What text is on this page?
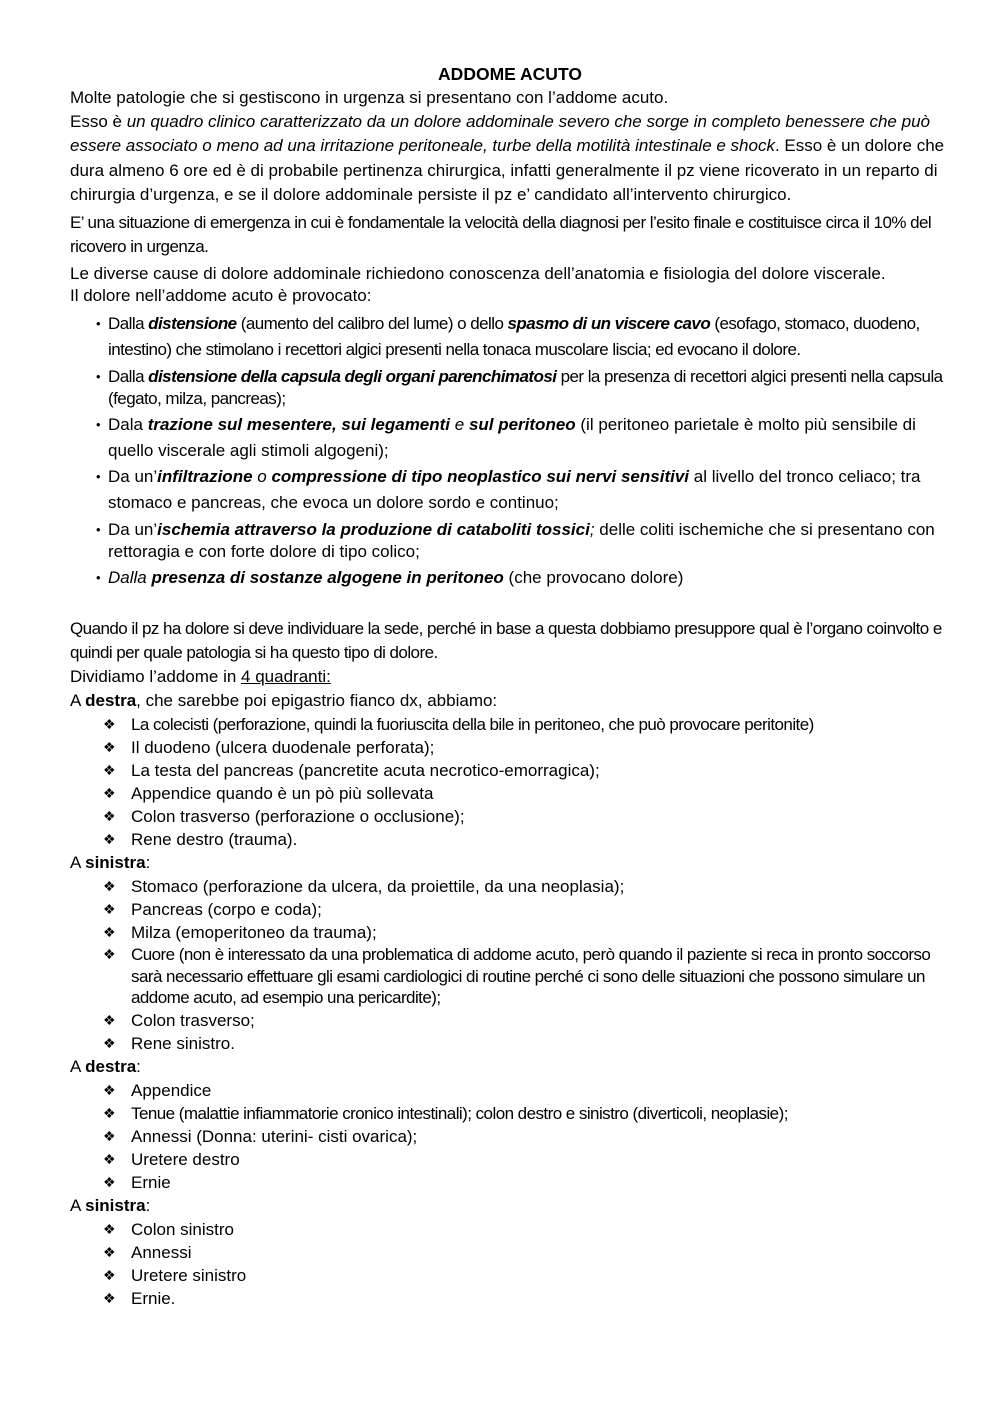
ADDOME ACUTO

Molte patologie che si gestiscono in urgenza si presentano con l’addome acuto.

Esso è un quadro clinico caratterizzato da un dolore addominale severo che sorge in completo benessere che può essere associato o meno ad una irritazione peritoneale, turbe della motilità intestinale e shock. Esso è un dolore che dura almeno 6 ore ed è di probabile pertinenza chirurgica, infatti generalmente il pz viene ricoverato in un reparto di chirurgia d’urgenza, e se il dolore addominale persiste il pz e’ candidato all’intervento chirurgico.

E’ una situazione di emergenza in cui è fondamentale la velocità della diagnosi per l’esito finale e costituisce circa il 10% del ricovero in urgenza.

Le diverse cause di dolore addominale richiedono conoscenza dell’anatomia e fisiologia del dolore viscerale.

Il dolore nell’addome acuto è provocato:

• Dalla distensione (aumento del calibro del lume) o dello spasmo di un viscere cavo (esofago, stomaco, duodeno, intestino) che stimolano i recettori algici presenti nella tonaca muscolare liscia; ed evocano il dolore.
• Dalla distensione della capsula degli organi parenchimatosi per la presenza di recettori algici presenti nella capsula (fegato, milza, pancreas);
• Dala trazione sul mesentere, sui legamenti e sul peritoneo (il peritoneo parietale è molto più sensibile di quello viscerale agli stimoli algogeni);
• Da un’infiltrazione o compressione di tipo neoplastico sui nervi sensitivi al livello del tronco celiaco; tra stomaco e pancreas, che evoca un dolore sordo e continuo;
• Da un’ischemia attraverso la produzione di cataboliti tossici; delle coliti ischemiche che si presentano con rettoragia e con forte dolore di tipo colico;
• Dalla presenza di sostanze algogene in peritoneo (che provocano dolore)

Quando il pz ha dolore si deve individuare la sede, perché in base a questa dobbiamo presuppore qual è l’organo coinvolto e quindi per quale patologia si ha questo tipo di dolore.

Dividiamo l’addome in 4 quadranti:

A destra, che sarebbe poi epigastrio fianco dx, abbiamo:

❖ La colecisti (perforazione, quindi la fuoriuscita della bile in peritoneo, che può provocare peritonite)
❖ Il duodeno (ulcera duodenale perforata);
❖ La testa del pancreas (pancretite acuta necrotico-emorragica);
❖ Appendice quando è un pò più sollevata
❖ Colon trasverso (perforazione o occlusione);
❖ Rene destro (trauma).

A sinistra:

❖ Stomaco (perforazione da ulcera, da proiettile, da una neoplasia);
❖ Pancreas (corpo e coda);
❖ Milza (emoperitoneo da trauma);
❖ Cuore (non è interessato da una problematica di addome acuto, però quando il paziente si reca in pronto soccorso sarà necessario effettuare gli esami cardiologici di routine perché ci sono delle situazioni che possono simulare un addome acuto, ad esempio una pericardite);
❖ Colon trasverso;
❖ Rene sinistro.

A destra:

❖ Appendice
❖ Tenue (malattie infiammatorie cronico intestinali); colon destro e sinistro (diverticoli, neoplasie);
❖ Annessi (Donna: uterini- cisti ovarica);
❖ Uretere destro
❖ Ernie

A sinistra:

❖ Colon sinistro
❖ Annessi
❖ Uretere sinistro
❖ Ernie.
